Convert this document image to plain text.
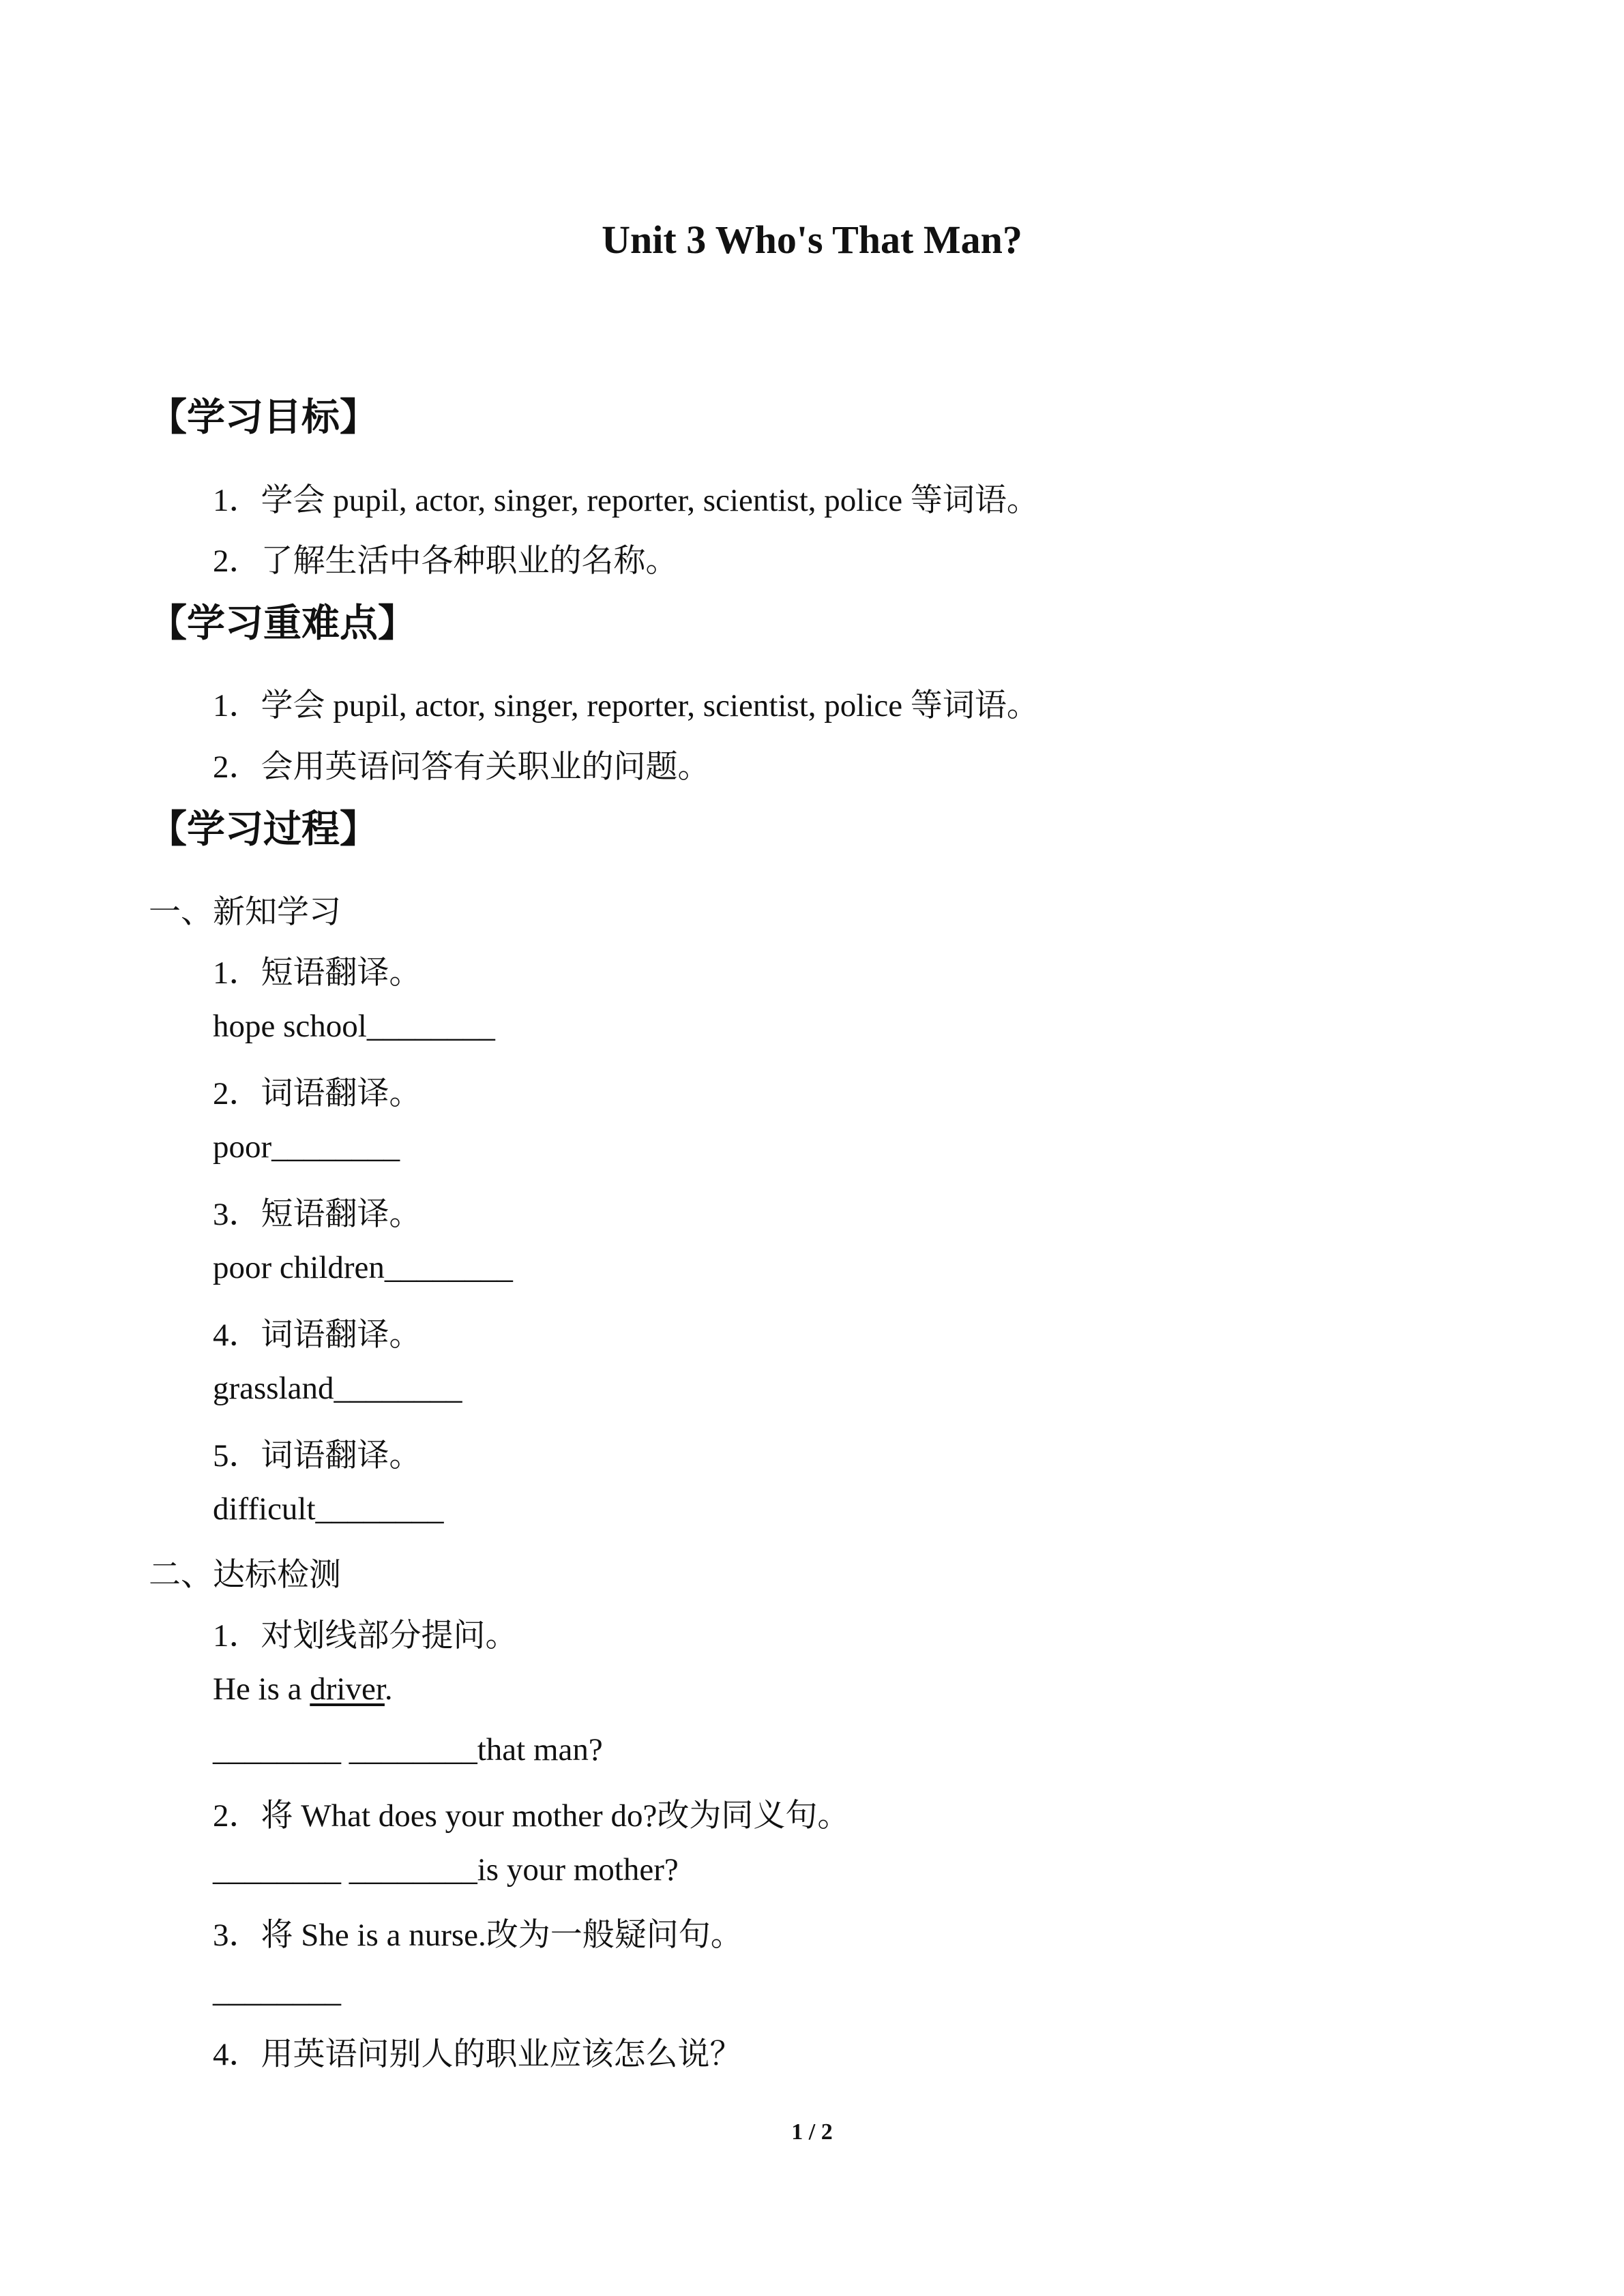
Unit 3 Who's That Man?
【学习目标】
1．学会 pupil, actor, singer, reporter, scientist, police 等词语。
2．了解生活中各种职业的名称。
【学习重难点】
1．学会 pupil, actor, singer, reporter, scientist, police 等词语。
2．会用英语问答有关职业的问题。
【学习过程】
一、新知学习
1．短语翻译。
hope school________
2．词语翻译。
poor________
3．短语翻译。
poor children________
4．词语翻译。
grassland________
5．词语翻译。
difficult________
二、达标检测
1．对划线部分提问。
He is a driver.
________ ________that man?
2．将 What does your mother do?改为同义句。
________ ________is your mother?
3．将 She is a nurse.改为一般疑问句。
________
4．用英语问别人的职业应该怎么说？
1 / 2
